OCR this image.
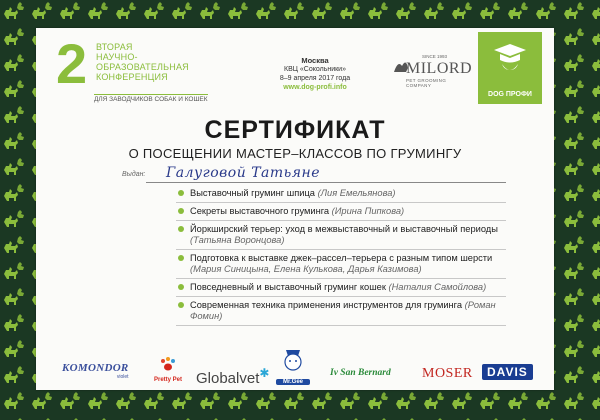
2 ВТОРАЯ
НАУЧНО-
ОБРАЗОВАТЕЛЬНАЯ
КОНФЕРЕНЦИЯ
ДЛЯ ЗАВОДЧИКОВ СОБАК И КОШЕК
Москва
КВЦ «Сокольники»
8–9 апреля 2017 года
www.dog-profi.info
SINCE 1993
MILORD
PET GROOMING COMPANY
DOG ПРОФИ
СЕРТИФИКАТ
О ПОСЕЩЕНИИ МАСТЕР–КЛАССОВ ПО ГРУМИНГУ
Выдан: Галуговой Татьяне
Выставочный груминг шпица (Лия Емельянова)
Секреты выставочного груминга (Ирина Пипкова)
Йоркширский терьер: уход в межвыставочный и выставочный периоды (Татьяна Воронцова)
Подготовка к выставке джек–рассел–терьера с разным типом шерсти (Мария Синицына, Елена Кулькова, Дарья Казимова)
Повседневный и выставочный груминг кошек (Наталия Самойлова)
Современная техника применения инструментов для груминга (Роман Фомин)
KOMONDOR
violet	Pretty Pet Globalvet✱
Mr.Gee
Iv San Bernard MOSER	DAVIS
